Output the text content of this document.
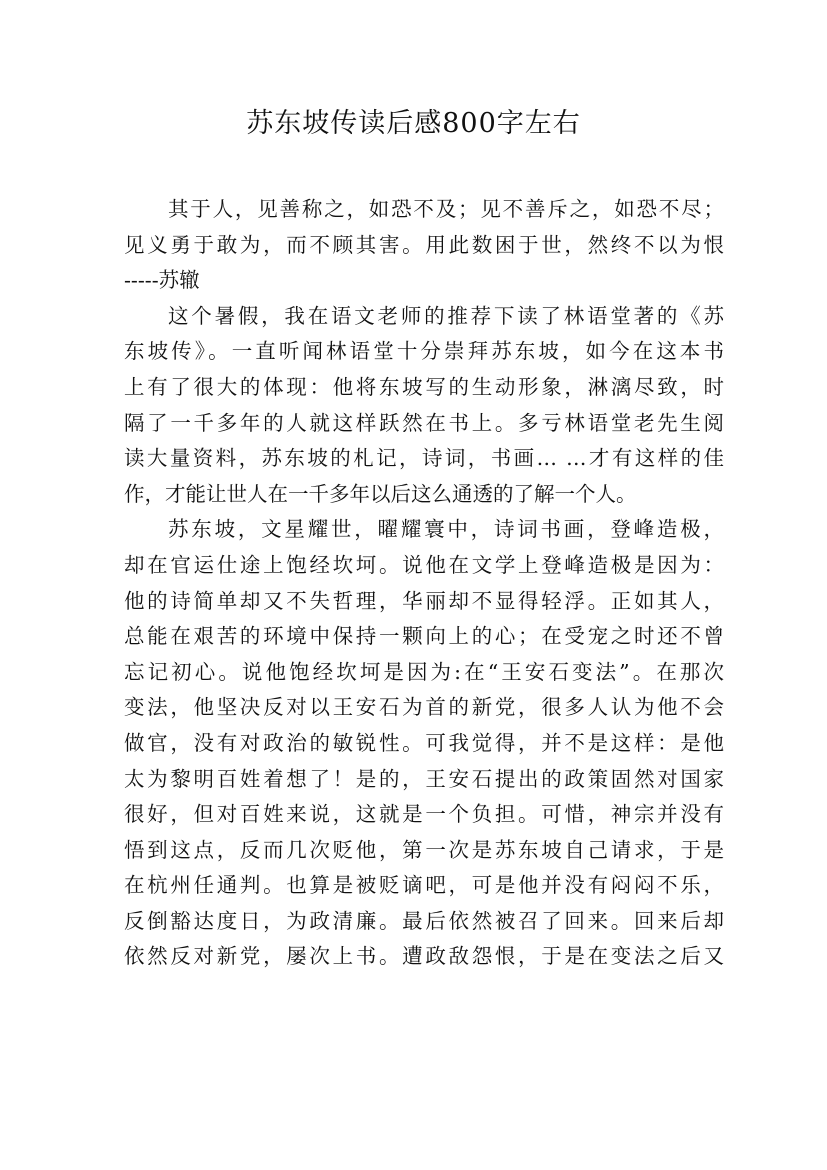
苏东坡传读后感800字左右
其于人，见善称之，如恐不及；见不善斥之，如恐不尽；
见义勇于敢为，而不顾其害。用此数困于世，然终不以为恨
-----苏辙
这个暑假，我在语文老师的推荐下读了林语堂著的《苏
东坡传》。一直听闻林语堂十分崇拜苏东坡，如今在这本书
上有了很大的体现：他将东坡写的生动形象，淋漓尽致，时
隔了一千多年的人就这样跃然在书上。多亏林语堂老先生阅
读大量资料，苏东坡的札记，诗词，书画… …才有这样的佳
作，才能让世人在一千多年以后这么通透的了解一个人。
苏东坡，文星耀世，曜耀寰中，诗词书画，登峰造极，
却在官运仕途上饱经坎坷。说他在文学上登峰造极是因为：
他的诗简单却又不失哲理，华丽却不显得轻浮。正如其人，
总能在艰苦的环境中保持一颗向上的心；在受宠之时还不曾
忘记初心。说他饱经坎坷是因为:在“王安石变法”。在那次
变法，他坚决反对以王安石为首的新党，很多人认为他不会
做官，没有对政治的敏锐性。可我觉得，并不是这样：是他
太为黎明百姓着想了！是的，王安石提出的政策固然对国家
很好，但对百姓来说，这就是一个负担。可惜，神宗并没有
悟到这点，反而几次贬他，第一次是苏东坡自己请求，于是
在杭州任通判。也算是被贬谪吧，可是他并没有闷闷不乐，
反倒豁达度日，为政清廉。最后依然被召了回来。回来后却
依然反对新党，屡次上书。遭政敌怨恨，于是在变法之后又
